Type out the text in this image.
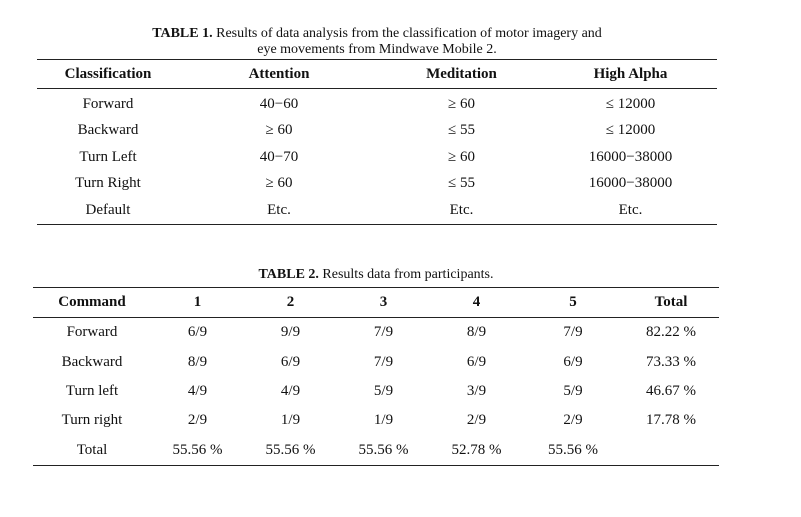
TABLE 1. Results of data analysis from the classification of motor imagery and
eye movements from Mindwave Mobile 2.
Classification	Attention	Meditation	High Alpha
Forward	40−60	≥ 60	≤ 12000
Backward	≥ 60	≤ 55	≤ 12000
Turn Left	40−70	≥ 60	16000−38000
Turn Right	≥ 60	≤ 55	16000−38000
Default	Etc.	Etc.	Etc.
TABLE 2. Results data from participants.
Command	1	2	3	4	5	Total
Forward	6/9	9/9	7/9	8/9	7/9	82.22 %
Backward	8/9	6/9	7/9	6/9	6/9	73.33 %
Turn left	4/9	4/9	5/9	3/9	5/9	46.67 %
Turn right	2/9	1/9	1/9	2/9	2/9	17.78 %
Total	55.56 %	55.56 %	55.56 %	52.78 %	55.56 %	
